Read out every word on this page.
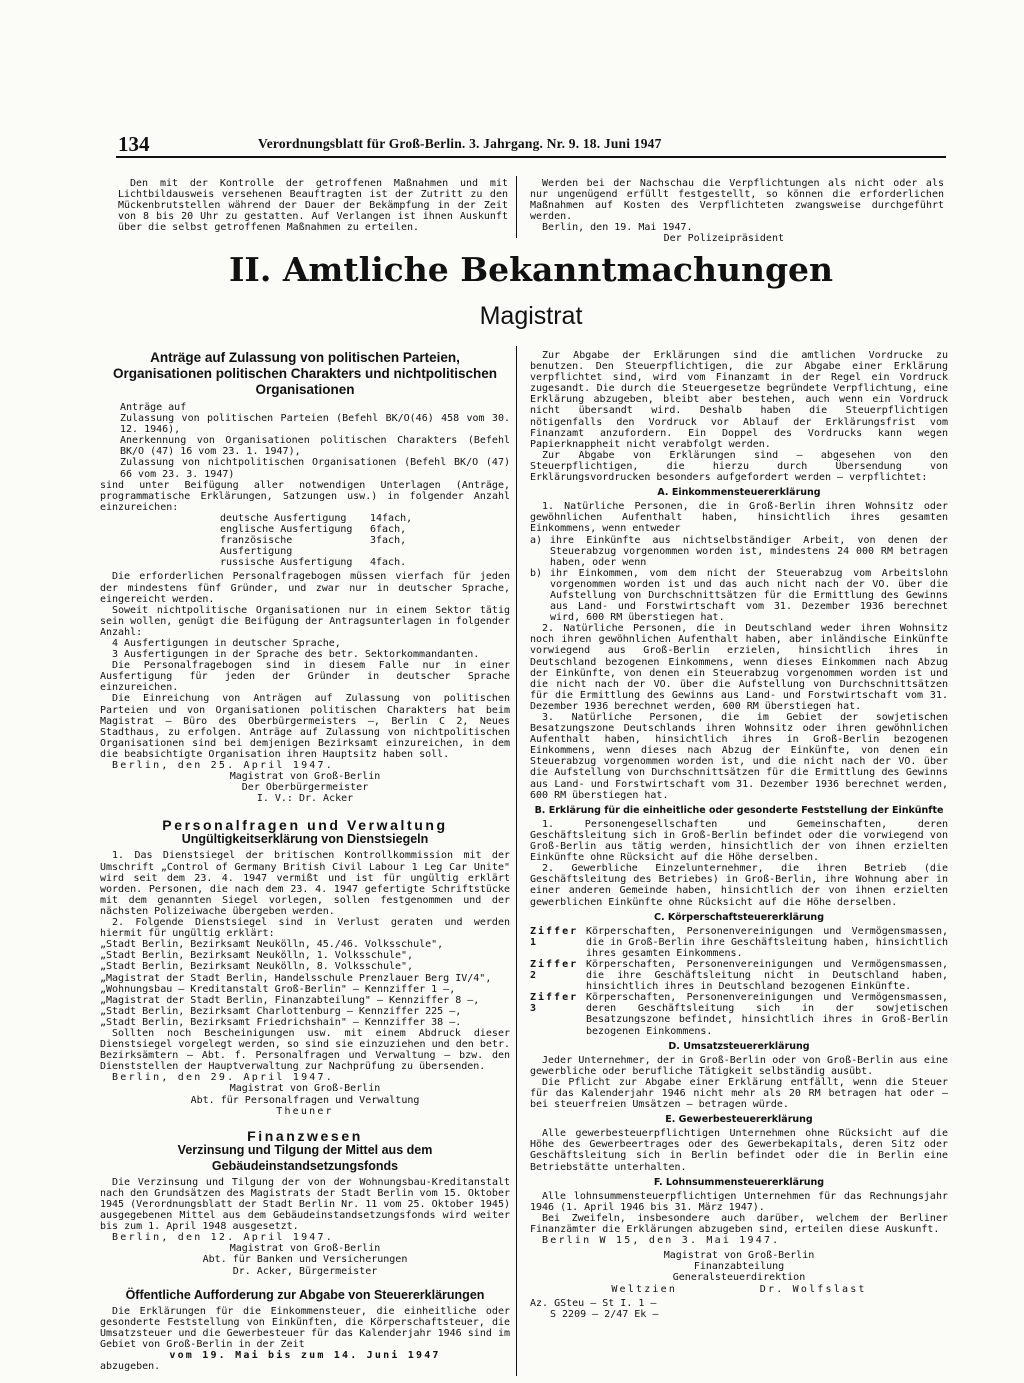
134	Verordnungsblatt für Groß-Berlin. 3. Jahrgang. Nr. 9. 18. Juni 1947

Den mit der Kontrolle der getroffenen Maßnahmen und mit Lichtbildausweis versehenen Beauftragten ist der Zutritt zu den Mückenbrutstellen während der Dauer der Bekämpfung in der Zeit von 8 bis 20 Uhr zu gestatten. Auf Verlangen ist ihnen Auskunft über die selbst getroffenen Maßnahmen zu erteilen.

Werden bei der Nachschau die Verpflichtungen als nicht oder als nur ungenügend erfüllt festgestellt, so können die erforderlichen Maßnahmen auf Kosten des Verpflichteten zwangsweise durchgeführt werden.

Berlin, den 19. Mai 1947.

Der Polizeipräsident

II. Amtliche Bekanntmachungen
Magistrat
Anträge auf Zulassung von politischen Parteien, Organisationen politischen Charakters und nichtpolitischen Organisationen

Anträge auf

Zulassung von politischen Parteien (Befehl BK/O(46) 458 vom 30. 12. 1946),

Anerkennung von Organisationen politischen Charakters (Befehl BK/O (47) 16 vom 23. 1. 1947),

Zulassung von nichtpolitischen Organisationen (Befehl BK/O (47) 66 vom 23. 3. 1947)

sind unter Beifügung aller notwendigen Unterlagen (Anträge, programmatische Erklärungen, Satzungen usw.) in folgender Anzahl einzureichen:

deutsche Ausfertigung	14fach,
englische Ausfertigung	6fach,
französische Ausfertigung
3fach,
russische Ausfertigung	4fach.

Die erforderlichen Personalfragebogen müssen vierfach für jeden der mindestens fünf Gründer, und zwar nur in deutscher Sprache, eingereicht werden.

Soweit nichtpolitische Organisationen nur in einem Sektor tätig sein wollen, genügt die Beifügung der Antragsunterlagen in folgender Anzahl:

4 Ausfertigungen in deutscher Sprache,

3 Ausfertigungen in der Sprache des betr. Sektorkommandanten.

Die Personalfragebogen sind in diesem Falle nur in einer Ausfertigung für jeden der Gründer in deutscher Sprache einzureichen.

Die Einreichung von Anträgen auf Zulassung von politischen Parteien und von Organisationen politischen Charakters hat beim Magistrat — Büro des Oberbürgermeisters —, Berlin C 2, Neues Stadthaus, zu erfolgen. Anträge auf Zulassung von nichtpolitischen Organisationen sind bei demjenigen Bezirksamt einzureichen, in dem die beabsichtigte Organisation ihren Hauptsitz haben soll.

Berlin, den 25. April 1947.

Magistrat von Groß-Berlin

Der Oberbürgermeister

I. V.: Dr. Acker

Personalfragen und Verwaltung
Ungültigkeitserklärung von Dienstsiegeln

1. Das Dienstsiegel der britischen Kontrollkommission mit der Umschrift „Control of Germany British Civil Labour 1 Leg Car Unite" wird seit dem 23. 4. 1947 vermißt und ist für ungültig erklärt worden. Personen, die nach dem 23. 4. 1947 gefertigte Schriftstücke mit dem genannten Siegel vorlegen, sollen festgenommen und der nächsten Polizeiwache übergeben werden.

2. Folgende Dienstsiegel sind in Verlust geraten und werden hiermit für ungültig erklärt:

„Stadt Berlin, Bezirksamt Neukölln, 45./46. Volksschule",

„Stadt Berlin, Bezirksamt Neukölln, 1. Volksschule",

„Stadt Berlin, Bezirksamt Neukölln, 8. Volksschule",

„Magistrat der Stadt Berlin, Handelsschule Prenzlauer Berg IV/4",

„Wohnungsbau — Kreditanstalt Groß-Berlin" — Kennziffer 1 —,

„Magistrat der Stadt Berlin, Finanzabteilung" — Kennziffer 8 —,

„Stadt Berlin, Bezirksamt Charlottenburg — Kennziffer 225 —,

„Stadt Berlin, Bezirksamt Friedrichshain" — Kennziffer 38 —.

Sollten noch Bescheinigungen usw. mit einem Abdruck dieser Dienstsiegel vorgelegt werden, so sind sie einzuziehen und den betr. Bezirksämtern — Abt. f. Personalfragen und Verwaltung — bzw. den Dienststellen der Hauptverwaltung zur Nachprüfung zu übersenden.

Berlin, den 29. April 1947.

Magistrat von Groß-Berlin

Abt. für Personalfragen und Verwaltung

Theuner

Finanzwesen
Verzinsung und Tilgung der Mittel aus dem Gebäudeinstandsetzungsfonds

Die Verzinsung und Tilgung der von der Wohnungsbau-Kreditanstalt nach den Grundsätzen des Magistrats der Stadt Berlin vom 15. Oktober 1945 (Verordnungsblatt der Stadt Berlin Nr. 11 vom 25. Oktober 1945) ausgegebenen Mittel aus dem Gebäudeinstandsetzungsfonds wird weiter bis zum 1. April 1948 ausgesetzt.

Berlin, den 12. April 1947.

Magistrat von Groß-Berlin

Abt. für Banken und Versicherungen

Dr. Acker, Bürgermeister

Öffentliche Aufforderung zur Abgabe von Steuererklärungen

Die Erklärungen für die Einkommensteuer, die einheitliche oder gesonderte Feststellung von Einkünften, die Körperschaftsteuer, die Umsatzsteuer und die Gewerbesteuer für das Kalenderjahr 1946 sind im Gebiet von Groß-Berlin in der Zeit

vom 19. Mai bis zum 14. Juni 1947

abzugeben.

Zur Abgabe der Erklärungen sind die amtlichen Vordrucke zu benutzen. Den Steuerpflichtigen, die zur Abgabe einer Erklärung verpflichtet sind, wird vom Finanzamt in der Regel ein Vordruck zugesandt. Die durch die Steuergesetze begründete Verpflichtung, eine Erklärung abzugeben, bleibt aber bestehen, auch wenn ein Vordruck nicht übersandt wird. Deshalb haben die Steuerpflichtigen nötigenfalls den Vordruck vor Ablauf der Erklärungsfrist vom Finanzamt anzufordern. Ein Doppel des Vordrucks kann wegen Papierknappheit nicht verabfolgt werden.

Zur Abgabe von Erklärungen sind — abgesehen von den Steuerpflichtigen, die hierzu durch Übersendung von Erklärungsvordrucken besonders aufgefordert werden — verpflichtet:

A. Einkommensteuererklärung

1. Natürliche Personen, die in Groß-Berlin ihren Wohnsitz oder gewöhnlichen Aufenthalt haben, hinsichtlich ihres gesamten Einkommens, wenn entweder

a) ihre Einkünfte aus nichtselbständiger Arbeit, von denen der Steuerabzug vorgenommen worden ist, mindestens 24 000 RM betragen haben, oder wenn
b) ihr Einkommen, vom dem nicht der Steuerabzug vom Arbeitslohn vorgenommen worden ist und das auch nicht nach der VO. über die Aufstellung von Durchschnittsätzen für die Ermittlung des Gewinns aus Land- und Forstwirtschaft vom 31. Dezember 1936 berechnet wird, 600 RM überstiegen hat.

2. Natürliche Personen, die in Deutschland weder ihren Wohnsitz noch ihren gewöhnlichen Aufenthalt haben, aber inländische Einkünfte vorwiegend aus Groß-Berlin erzielen, hinsichtlich ihres in Deutschland bezogenen Einkommens, wenn dieses Einkommen nach Abzug der Einkünfte, von denen ein Steuerabzug vorgenommen worden ist und die nicht nach der VO. über die Aufstellung von Durchschnittsätzen für die Ermittlung des Gewinns aus Land- und Forstwirtschaft vom 31. Dezember 1936 berechnet werden, 600 RM überstiegen hat.

3. Natürliche Personen, die im Gebiet der sowjetischen Besatzungszone Deutschlands ihren Wohnsitz oder ihren gewöhnlichen Aufenthalt haben, hinsichtlich ihres in Groß-Berlin bezogenen Einkommens, wenn dieses nach Abzug der Einkünfte, von denen ein Steuerabzug vorgenommen worden ist, und die nicht nach der VO. über die Aufstellung von Durchschnittsätzen für die Ermittlung des Gewinns aus Land- und Forstwirtschaft vom 31. Dezember 1936 berechnet werden, 600 RM überstiegen hat.

B. Erklärung für die einheitliche oder gesonderte Feststellung der Einkünfte

1. Personengesellschaften und Gemeinschaften, deren Geschäftsleitung sich in Groß-Berlin befindet oder die vorwiegend von Groß-Berlin aus tätig werden, hinsichtlich der von ihnen erzielten Einkünfte ohne Rücksicht auf die Höhe derselben.

2. Gewerbliche Einzelunternehmer, die ihren Betrieb (die Geschäftsleitung des Betriebes) in Groß-Berlin, ihre Wohnung aber in einer anderen Gemeinde haben, hinsichtlich der von ihnen erzielten gewerblichen Einkünfte ohne Rücksicht auf die Höhe derselben.

C. Körperschaftsteuererklärung
Ziffer 1
Körperschaften, Personenvereinigungen und Vermögensmassen, die in Groß-Berlin ihre Geschäftsleitung haben, hinsichtlich ihres gesamten Einkommens.
Ziffer 2
Körperschaften, Personenvereinigungen und Vermögensmassen, die ihre Geschäftsleitung nicht in Deutschland haben, hinsichtlich ihres in Deutschland bezogenen Einkünfte.
Ziffer 3
Körperschaften, Personenvereinigungen und Vermögensmassen, deren Geschäftsleitung sich in der sowjetischen Besatzungszone befindet, hinsichtlich ihres in Groß-Berlin bezogenen Einkommens.
D. Umsatzsteuererklärung

Jeder Unternehmer, der in Groß-Berlin oder von Groß-Berlin aus eine gewerbliche oder berufliche Tätigkeit selbständig ausübt.

Die Pflicht zur Abgabe einer Erklärung entfällt, wenn die Steuer für das Kalenderjahr 1946 nicht mehr als 20 RM betragen hat oder — bei steuerfreien Umsätzen — betragen würde.

E. Gewerbesteuererklärung

Alle gewerbesteuerpflichtigen Unternehmen ohne Rücksicht auf die Höhe des Gewerbeertrages oder des Gewerbekapitals, deren Sitz oder Geschäftsleitung sich in Berlin befindet oder die in Berlin eine Betriebstätte unterhalten.

F. Lohnsummensteuererklärung

Alle lohnsummensteuerpflichtigen Unternehmen für das Rechnungsjahr 1946 (1. April 1946 bis 31. März 1947).

Bei Zweifeln, insbesondere auch darüber, welchem der Berliner Finanzämter die Erklärungen abzugeben sind, erteilen diese Auskunft.

Berlin W 15, den 3. Mai 1947.

Magistrat von Groß-Berlin

Finanzabteilung

Generalsteuerdirektion

Weltzien	Dr. Wolfslast

Az. GSteu — St I. 1 —

S 2209 — 2/47 Ek —
